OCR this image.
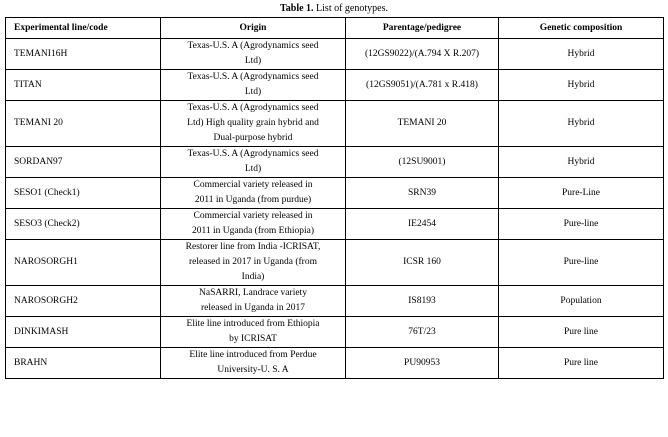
Table 1. List of genotypes.
Experimental line/code	Origin	Parentage/pedigree	Genetic composition
TEMANI16H	Texas-U.S. A (Agrodynamics seed
Ltd)	(12GS9022)/(A.794 X R.207)	Hybrid
TITAN	Texas-U.S. A (Agrodynamics seed
Ltd)	(12GS9051)/(A.781 x R.418)	Hybrid
TEMANI 20	Texas-U.S. A (Agrodynamics seed
Ltd) High quality grain hybrid and
Dual-purpose hybrid	TEMANI 20	Hybrid
SORDAN97	Texas-U.S. A (Agrodynamics seed
Ltd)	(12SU9001)	Hybrid
SESO1 (Check1)	Commercial variety released in
2011 in Uganda (from purdue)	SRN39	Pure-Line
SESO3 (Check2)	Commercial variety released in
2011 in Uganda (from Ethiopia)	IE2454	Pure-line
NAROSORGH1	Restorer line from India -ICRISAT,
released in 2017 in Uganda (from
India)	ICSR 160	Pure-line
NAROSORGH2	NaSARRI, Landrace variety
released in Uganda in 2017	IS8193	Population
DINKIMASH	Elite line introduced from Ethiopia
by ICRISAT	76T/23	Pure line
BRAHN	Elite line introduced from Perdue
University-U. S. A	PU90953	Pure line
